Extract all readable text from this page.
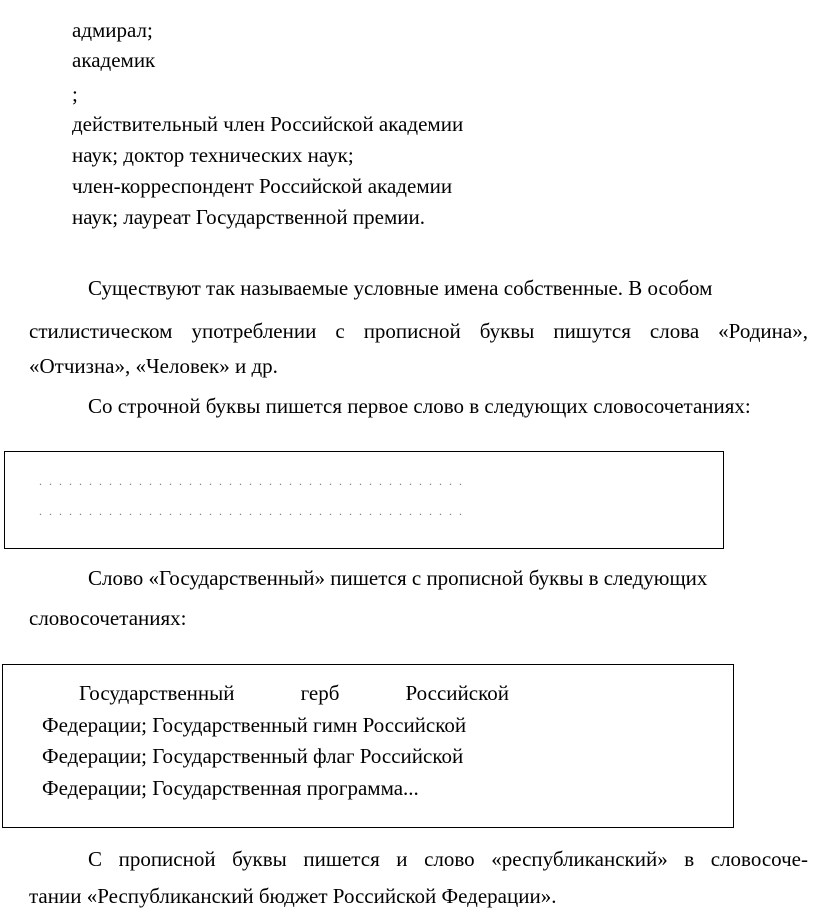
адмирал;
академик
;
действительный член Российской академии
наук; доктор технических наук;
член-корреспондент Российской академии
наук; лауреат Государственной премии.
Существуют так называемые условные имена собственные. В особом
стилистическом употреблении с прописной буквы пишутся слова «Родина»,
«Отчизна», «Человек» и др.
Со строчной буквы пишется первое слово в следующих словосочетаниях:
. . . . . . . . . . . . . . . . . . . . . . . . . . . . . . . . . . . . . . . . . . .
. . . . . . . . . . . . . . . . . . . . . . . . . . . . . . . . . . . . . . . . . . .
Слово «Государственный» пишется с прописной буквы в следующих
словосочетаниях:
Государственный	герб	Российской
Федерации; Государственный гимн Российской
Федерации; Государственный флаг Российской
Федерации; Государственная программа...
С прописной буквы пишется и слово «республиканский» в словосоче-
тании «Республиканский бюджет Российской Федерации».
